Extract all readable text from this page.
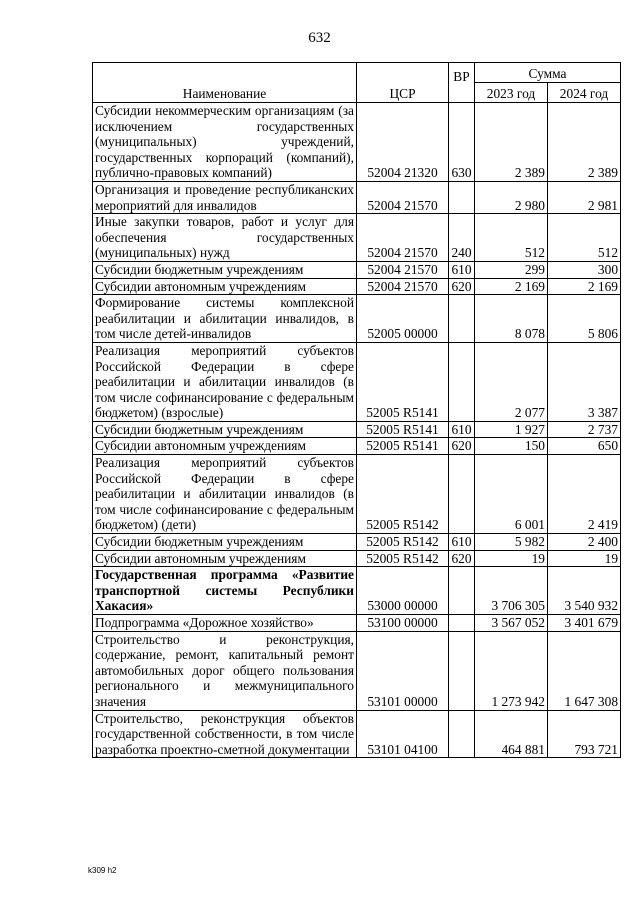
632
Наименование	ЦСР	ВР	Сумма	
			2023 год	2024 год
Субсидии некоммерческим организациям (за исключением государственных (муниципальных) учреждений, государственных корпораций (компаний), публично-правовых компаний)	52004 21320	630	2 389	2 389
Организация и проведение республиканских мероприятий для инвалидов	52004 21570		2 980	2 981
Иные закупки товаров, работ и услуг для обеспечения государственных (муниципальных) нужд	52004 21570	240	512	512
Субсидии бюджетным учреждениям	52004 21570	610	299	300
Субсидии автономным учреждениям	52004 21570	620	2 169	2 169
Формирование системы комплексной реабилитации и абилитации инвалидов, в том числе детей-инвалидов	52005 00000		8 078	5 806
Реализация мероприятий субъектов Российской Федерации в сфере реабилитации и абилитации инвалидов (в том числе софинансирование с федеральным бюджетом) (взрослые)	52005 R5141		2 077	3 387
Субсидии бюджетным учреждениям	52005 R5141	610	1 927	2 737
Субсидии автономным учреждениям	52005 R5141	620	150	650
Реализация мероприятий субъектов Российской Федерации в сфере реабилитации и абилитации инвалидов (в том числе софинансирование с федеральным бюджетом) (дети)	52005 R5142		6 001	2 419
Субсидии бюджетным учреждениям	52005 R5142	610	5 982	2 400
Субсидии автономным учреждениям	52005 R5142	620	19	19
Государственная программа «Развитие транспортной системы Республики Хакасия»	53000 00000		3 706 305	3 540 932
Подпрограмма «Дорожное хозяйство»	53100 00000		3 567 052	3 401 679
Строительство и реконструкция, содержание, ремонт, капитальный ремонт автомобильных дорог общего пользования регионального и межмуниципального значения	53101 00000		1 273 942	1 647 308
Строительство, реконструкция объектов государственной собственности, в том числе разработка проектно-сметной документации	53101 04100		464 881	793 721
k309 h2
